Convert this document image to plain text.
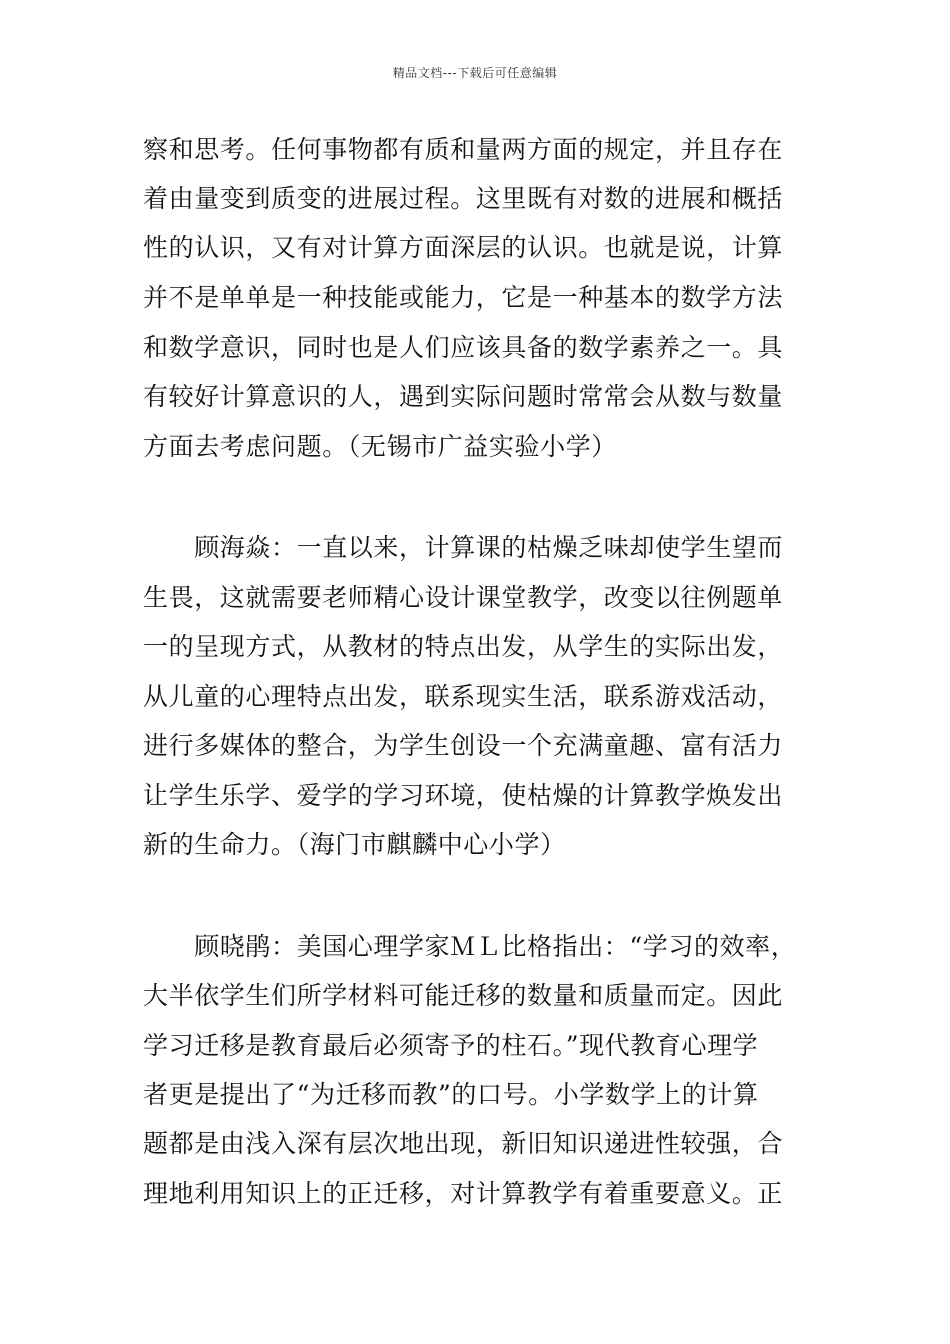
精品文档---下载后可任意编辑
察和思考。任何事物都有质和量两方面的规定，并且存在
着由量变到质变的进展过程。这里既有对数的进展和概括
性的认识，又有对计算方面深层的认识。也就是说，计算
并不是单单是一种技能或能力，它是一种基本的数学方法
和数学意识，同时也是人们应该具备的数学素养之一。具
有较好计算意识的人，遇到实际问题时常常会从数与数量
方面去考虑问题。（无锡市广益实验小学）
　　顾海焱：一直以来，计算课的枯燥乏味却使学生望而
生畏，这就需要老师精心设计课堂教学，改变以往例题单
一的呈现方式，从教材的特点出发，从学生的实际出发，
从儿童的心理特点出发，联系现实生活，联系游戏活动，
进行多媒体的整合，为学生创设一个充满童趣、富有活力
让学生乐学、爱学的学习环境，使枯燥的计算教学焕发出
新的生命力。（海门市麒麟中心小学）
　　顾晓鹃：美国心理学家ＭＬ比格指出：“学习的效率，
大半依学生们所学材料可能迁移的数量和质量而定。因此
学习迁移是教育最后必须寄予的柱石。”现代教育心理学
者更是提出了“为迁移而教”的口号。小学数学上的计算
题都是由浅入深有层次地出现，新旧知识递进性较强，合
理地利用知识上的正迁移，对计算教学有着重要意义。正
